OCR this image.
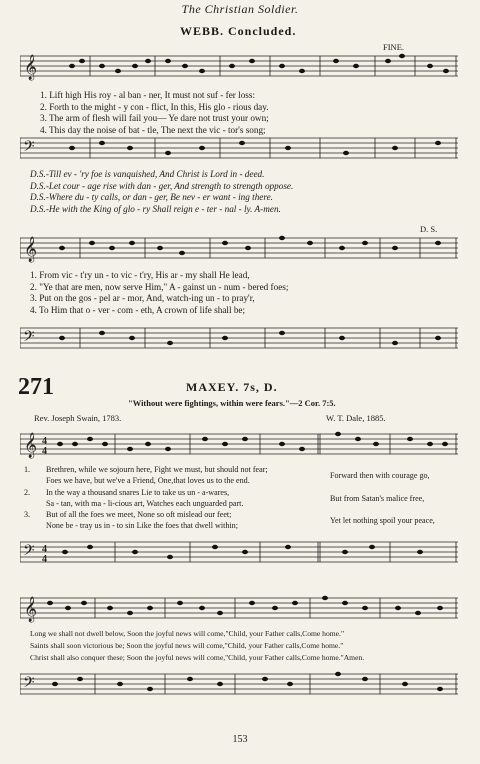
The Christian Soldier.
WEBB. Concluded.
𝄞
FINE.
1. Lift high His roy - al ban - ner, It must not suf - fer loss:
2. Forth to the might - y con - flict, In this, His glo - rious day.
3. The arm of flesh will fail you— Ye dare not trust your own;
4. This day the noise of bat - tle, The next the vic - tor's song;
𝄢
D.S.-Till ev - 'ry foe is vanquished, And Christ is Lord in - deed.
D.S.-Let cour - age rise with dan - ger, And strength to strength oppose.
D.S.-Where du - ty calls, or dan - ger, Be nev - er want - ing there.
D.S.-He with the King of glo - ry Shall reign e - ter - nal - ly. A-men.
D. S.
𝄞
1. From vic - t'ry un - to vic - t'ry, His ar - my shall He lead,
2. "Ye that are men, now serve Him," A - gainst un - num - bered foes;
3. Put on the gos - pel ar - mor, And, watch-ing un - to pray'r,
4. To Him that o - ver - com - eth, A crown of life shall be;
𝄢
271	MAXEY. 7s, D.
"Without were fightings, within were fears."—2 Cor. 7:5.
Rev. Joseph Swain, 1783.	W. T. Dale, 1885.
𝄞 4
4
1.
2.
3.
Brethren, while we sojourn here, Fight we must, but should not fear;
Foes we have, but we've a Friend, One,that loves us to the end.
In the way a thousand snares Lie to take us un - a-wares,
Sa - tan, with ma - li-cious art, Watches each unguarded part.
But of all the foes we meet, None so oft mislead our feet;
None be - tray us in - to sin Like the foes that dwell within;
Forward then with courage go,
But from Satan's malice free,
Yet let nothing spoil your peace,
𝄢 4
4
𝄞
Long we shall not dwell below, Soon the joyful news will come,"Child, your Father calls,Come home."
Saints shall soon victorious be; Soon the joyful news will come,"Child, your Father calls,Come home."
Christ shall also conquer these; Soon the joyful news will come,"Child, your Father calls,Come home."Amen.
𝄢
153
